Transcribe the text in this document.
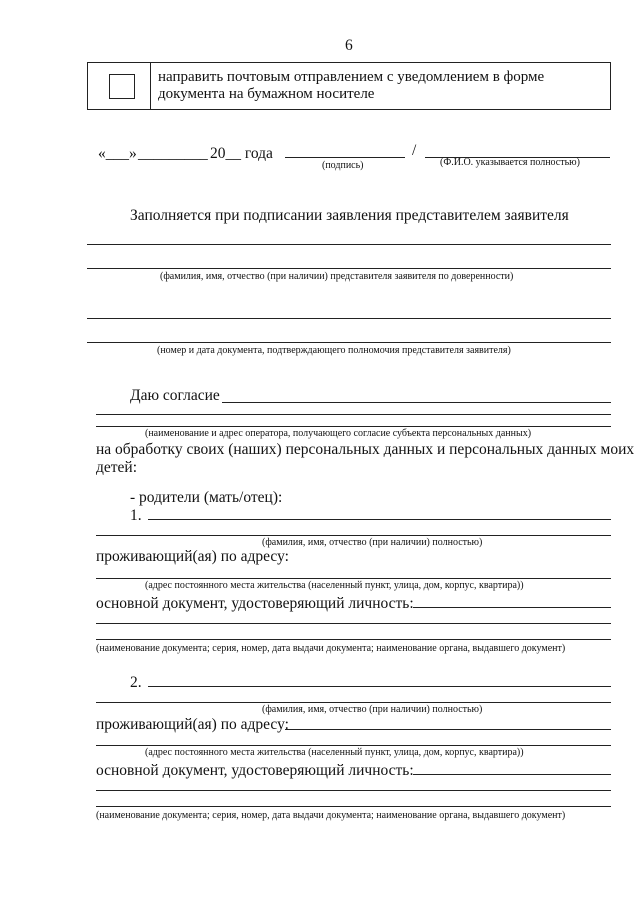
6
направить почтовым отправлением с уведомлением в форме
документа на бумажном носителе
«___» _________ 20__ года	/
(подпись)	(Ф.И.О. указывается полностью)
Заполняется при подписании заявления представителем заявителя
(фамилия, имя, отчество (при наличии) представителя заявителя по доверенности)
(номер и дата документа, подтверждающего полномочия представителя заявителя)
Даю согласие
(наименование и адрес оператора, получающего согласие субъекта персональных данных)
на обработку своих (наших) персональных данных и персональных данных моих
детей:
- родители (мать/отец):
1.
(фамилия, имя, отчество (при наличии) полностью)
проживающий(ая) по адресу:
(адрес постоянного места жительства (населенный пункт, улица, дом, корпус, квартира))
основной документ, удостоверяющий личность:
(наименование документа; серия, номер, дата выдачи документа; наименование органа, выдавшего документ)
2.
(фамилия, имя, отчество (при наличии) полностью)
проживающий(ая) по адресу:
(адрес постоянного места жительства (населенный пункт, улица, дом, корпус, квартира))
основной документ, удостоверяющий личность:
(наименование документа; серия, номер, дата выдачи документа; наименование органа, выдавшего документ)
